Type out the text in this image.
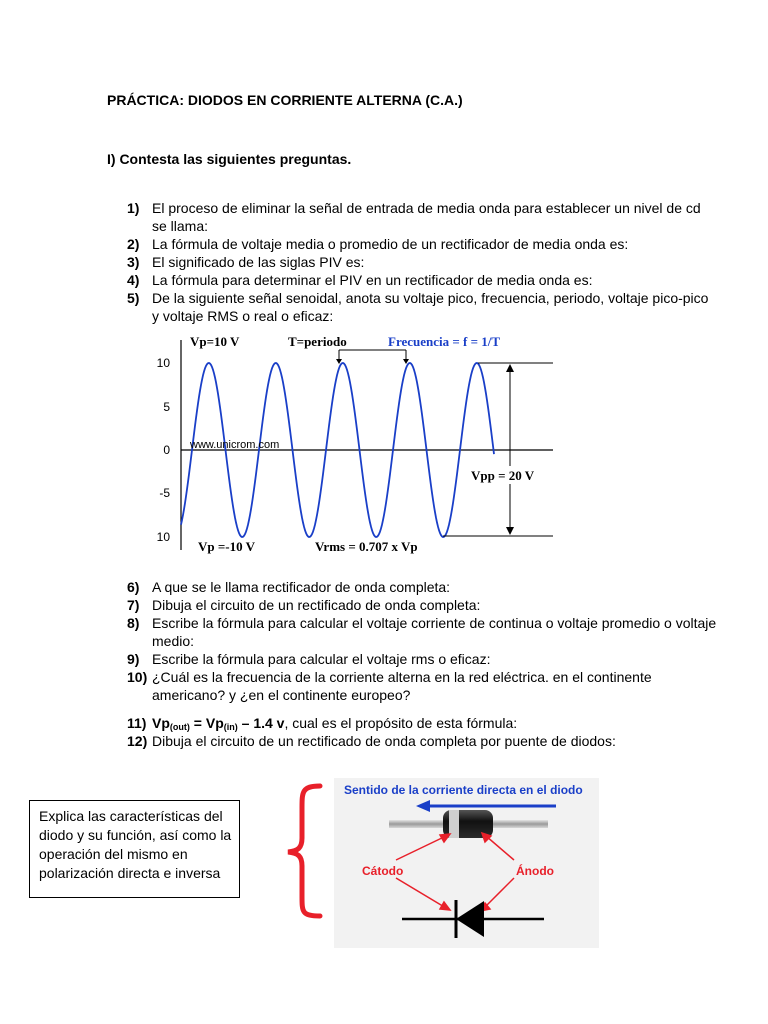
PRÁCTICA: DIODOS EN CORRIENTE ALTERNA (C.A.)
I) Contesta las siguientes preguntas.
1) El proceso de eliminar la señal de entrada de media onda para establecer un nivel de cd se llama:
2) La fórmula de voltaje media o promedio de un rectificador de media onda es:
3) El significado de las siglas PIV es:
4) La fórmula para determinar el PIV en un rectificador de media onda es:
5) De la siguiente señal senoidal, anota su voltaje pico, frecuencia, periodo, voltaje pico-pico y voltaje RMS o real o eficaz:
10
5
0
-5
10
www.unicrom.com
Vp=10 V	T=periodo	Frecuencia = f = 1/T
Vpp = 20 V
Vp =-10 V	Vrms = 0.707 x Vp
6) A que se le llama rectificador de onda completa:
7) Dibuja el circuito de un rectificado de onda completa:
8) Escribe la fórmula para calcular el voltaje corriente de continua o voltaje promedio o voltaje medio:
9) Escribe la fórmula para calcular el voltaje rms o eficaz:
10) ¿Cuál es la frecuencia de la corriente alterna en la red eléctrica. en el continente americano? y ¿en el continente europeo?
11) $Vp_{(out)} = Vp_{(in)} - 1.4$ v, cual es el propósito de esta fórmula:
12) Dibuja el circuito de un rectificado de onda completa por puente de diodos:
Explica las características del diodo y su función, así como la operación del mismo en polarización directa e inversa
Sentido de la corriente directa en el diodo
Cátodo	Ánodo
